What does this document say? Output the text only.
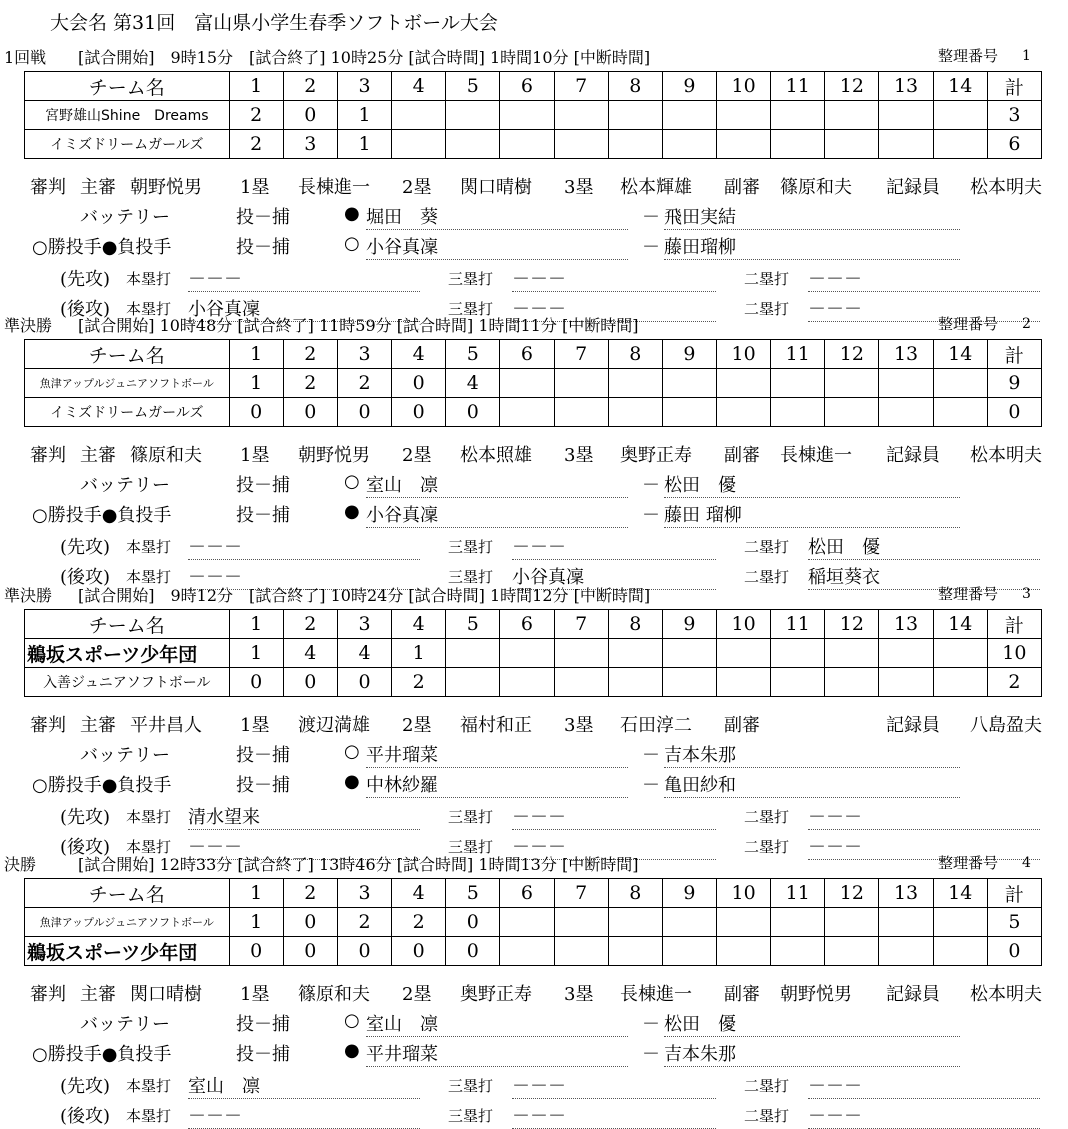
大会名 第31回　富山県小学生春季ソフトボール大会
1回戦 [試合開始]　9時15分　[試合終了] 10時25分 [試合時間] 1時間10分 [中断時間]	整理番号 1
チーム名	1	2	3	4	5	6	7	8	9	10	11	12	13	14	計
宮野雄山Shine　Dreams	2	0	1												3
イミズドリームガールズ	2	3	1												6
審判 主審 朝野悦男 1塁 長棟進一 2塁 関口晴樹 3塁 松本輝雄 副審 篠原和夫 記録員 松本明夫
バッテリー	投－捕	● 堀田　葵	－ 飛田実結
○勝投手●負投手	投－捕	○ 小谷真凜	－ 藤田瑠柳
(先攻) 本塁打 －－－	三塁打 －－－	二塁打 －－－
(後攻) 本塁打 小谷真凜	三塁打 －－－	二塁打 －－－
準決勝 [試合開始] 10時48分 [試合終了] 11時59分 [試合時間] 1時間11分 [中断時間]	整理番号 2
チーム名	1	2	3	4	5	6	7	8	9	10	11	12	13	14	計
魚津アップルジュニアソフトボール	1	2	2	0	4										9
イミズドリームガールズ	0	0	0	0	0										0
審判 主審 篠原和夫 1塁 朝野悦男 2塁 松本照雄 3塁 奥野正寿 副審 長棟進一 記録員 松本明夫
バッテリー	投－捕	○ 室山　凛	－ 松田　優
○勝投手●負投手	投－捕	● 小谷真凜	－ 藤田 瑠柳
(先攻) 本塁打 －－－	三塁打 －－－	二塁打 松田　優
(後攻) 本塁打 －－－	三塁打 小谷真凜	二塁打 稲垣葵衣
準決勝 [試合開始]　9時12分　[試合終了] 10時24分 [試合時間] 1時間12分 [中断時間]	整理番号 3
チーム名	1	2	3	4	5	6	7	8	9	10	11	12	13	14	計
鵜坂スポーツ少年団	1	4	4	1											10
入善ジュニアソフトボール	0	0	0	2											2
審判 主審 平井昌人 1塁 渡辺満雄 2塁 福村和正 3塁 石田淳二 副審	記録員 八島盈夫
バッテリー	投－捕	○ 平井瑠菜	－ 吉本朱那
○勝投手●負投手	投－捕	● 中林紗羅	－ 亀田紗和
(先攻) 本塁打 清水望来	三塁打 －－－	二塁打 －－－
(後攻) 本塁打 －－－	三塁打 －－－	二塁打 －－－
決勝	[試合開始] 12時33分 [試合終了] 13時46分 [試合時間] 1時間13分 [中断時間]	整理番号 4
チーム名	1	2	3	4	5	6	7	8	9	10	11	12	13	14	計
魚津アップルジュニアソフトボール	1	0	2	2	0										5
鵜坂スポーツ少年団	0	0	0	0	0										0
審判 主審 関口晴樹 1塁 篠原和夫 2塁 奥野正寿 3塁 長棟進一 副審 朝野悦男 記録員 松本明夫
バッテリー	投－捕	○ 室山　凛	－ 松田　優
○勝投手●負投手	投－捕	● 平井瑠菜	－ 吉本朱那
(先攻) 本塁打 室山　凛	三塁打 －－－	二塁打 －－－
(後攻) 本塁打 －－－	三塁打 －－－	二塁打 －－－
